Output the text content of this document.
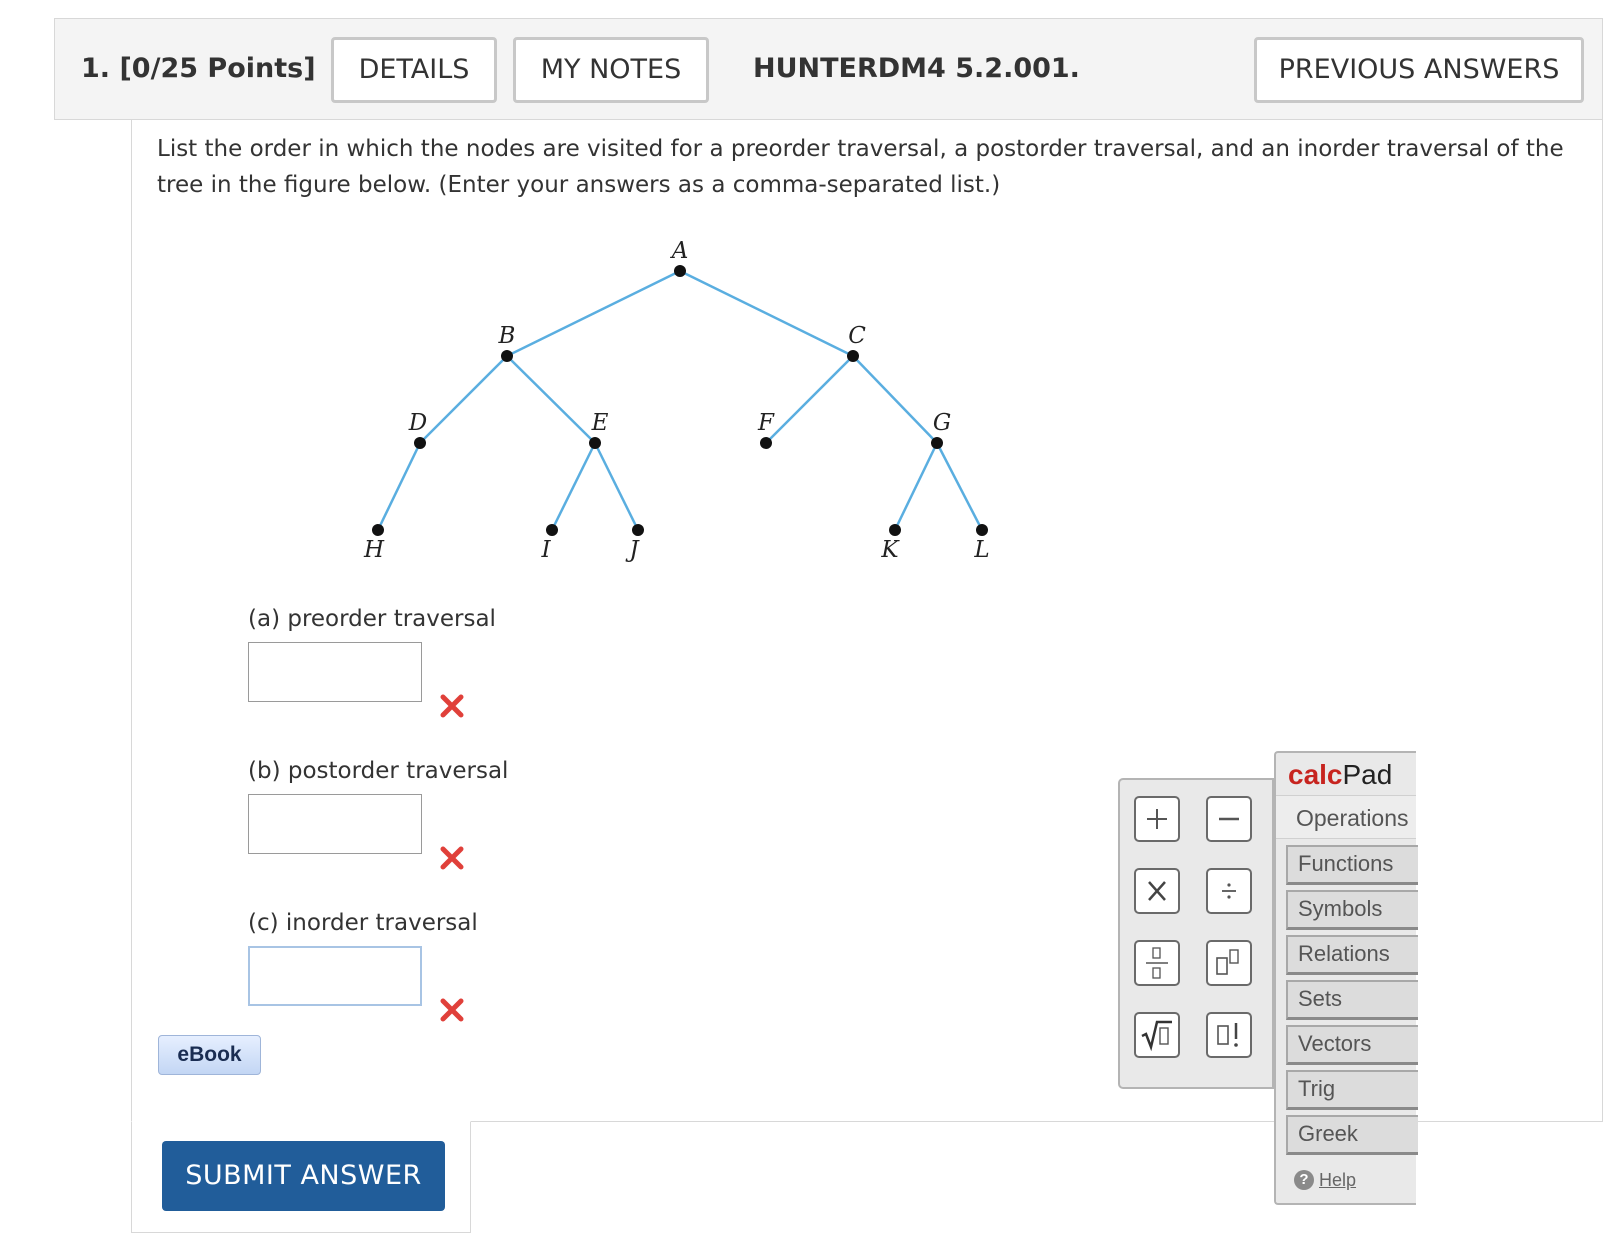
1. [0/25 Points]	DETAILS	MY NOTES	HUNTERDM4 5.2.001.	PREVIOUS ANSWERS
List the order in which the nodes are visited for a preorder traversal, a postorder traversal, and an inorder traversal of the tree in the figure below. (Enter your answers as a comma-separated list.)
A
B	C
D	E	F	G
H	I	J	K	L
(a) preorder traversal
(b) postorder traversal
(c) inorder traversal
eBook
SUBMIT ANSWER
calcPad
Operations
Functions
Symbols
Relations
Sets
Vectors
Trig
Greek
? Help
